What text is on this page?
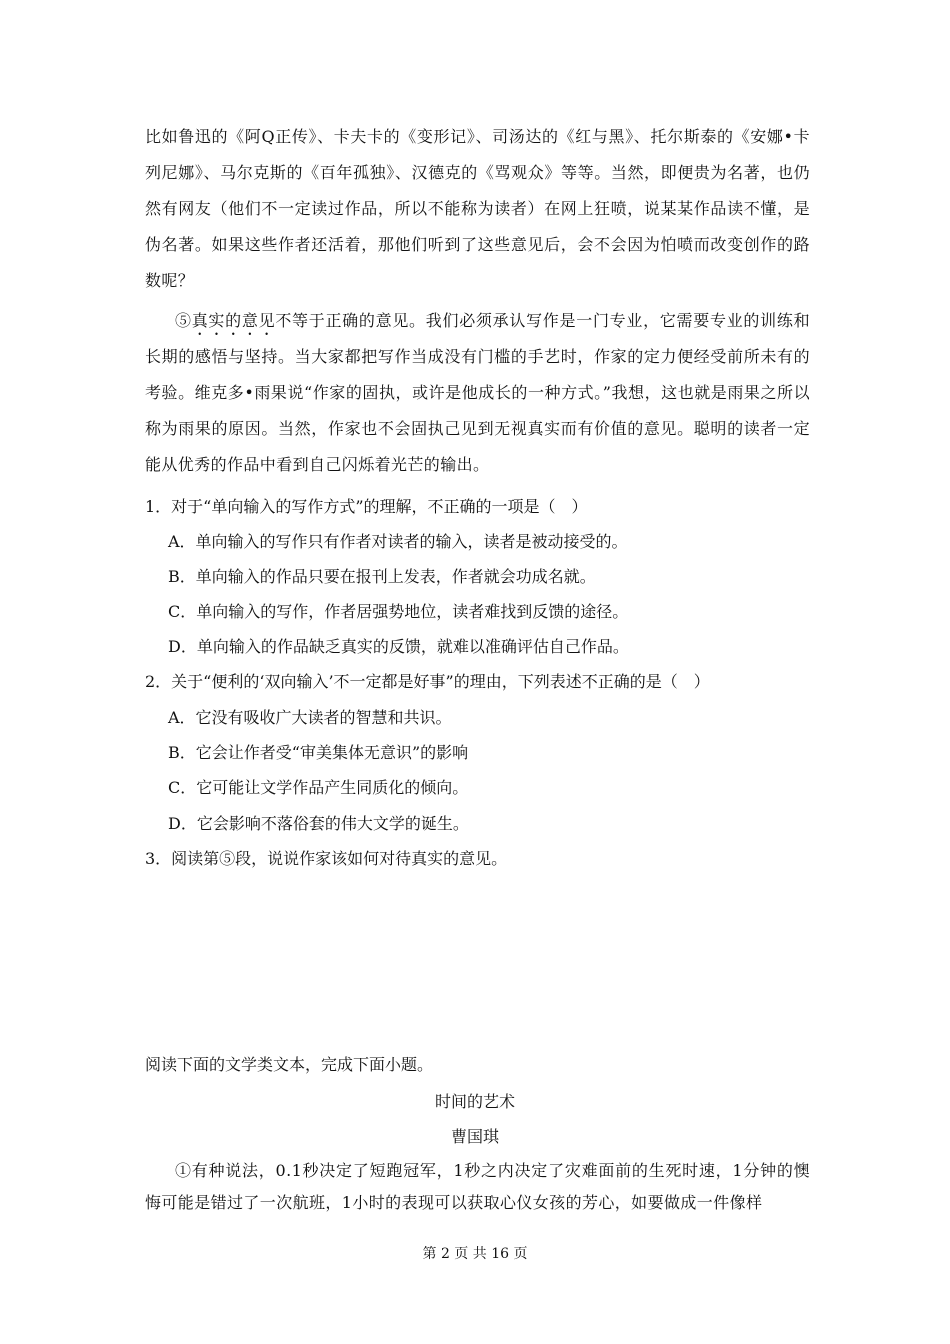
比如鲁迅的《阿Q正传》、卡夫卡的《变形记》、司汤达的《红与黑》、托尔斯泰的《安娜•卡列尼娜》、马尔克斯的《百年孤独》、汉德克的《骂观众》等等。当然，即便贵为名著，也仍然有网友（他们不一定读过作品，所以不能称为读者）在网上狂喷，说某某作品读不懂，是伪名著。如果这些作者还活着，那他们听到了这些意见后，会不会因为怕喷而改变创作的路数呢？
⑤真实的意见不等于正确的意见。我们必须承认写作是一门专业，它需要专业的训练和长期的感悟与坚持。当大家都把写作当成没有门槛的手艺时，作家的定力便经受前所未有的考验。维克多•雨果说“作家的固执，或许是他成长的一种方式。”我想，这也就是雨果之所以称为雨果的原因。当然，作家也不会固执己见到无视真实而有价值的意见。聪明的读者一定能从优秀的作品中看到自己闪烁着光芒的输出。
1．对于“单向输入的写作方式”的理解，不正确的一项是（　）
A．单向输入的写作只有作者对读者的输入，读者是被动接受的。
B．单向输入的作品只要在报刊上发表，作者就会功成名就。
C．单向输入的写作，作者居强势地位，读者难找到反馈的途径。
D．单向输入的作品缺乏真实的反馈，就难以准确评估自己作品。
2．关于“便利的‘双向输入’不一定都是好事”的理由，下列表述不正确的是（　）
A．它没有吸收广大读者的智慧和共识。
B．它会让作者受“审美集体无意识”的影响
C．它可能让文学作品产生同质化的倾向。
D．它会影响不落俗套的伟大文学的诞生。
3．阅读第⑤段，说说作家该如何对待真实的意见。
阅读下面的文学类文本，完成下面小题。
时间的艺术
曹国琪
①有种说法，0.1秒决定了短跑冠军，1秒之内决定了灾难面前的生死时速，1分钟的懊悔可能是错过了一次航班，1小时的表现可以获取心仪女孩的芳心，如要做成一件像样
第 2 页 共 16 页
